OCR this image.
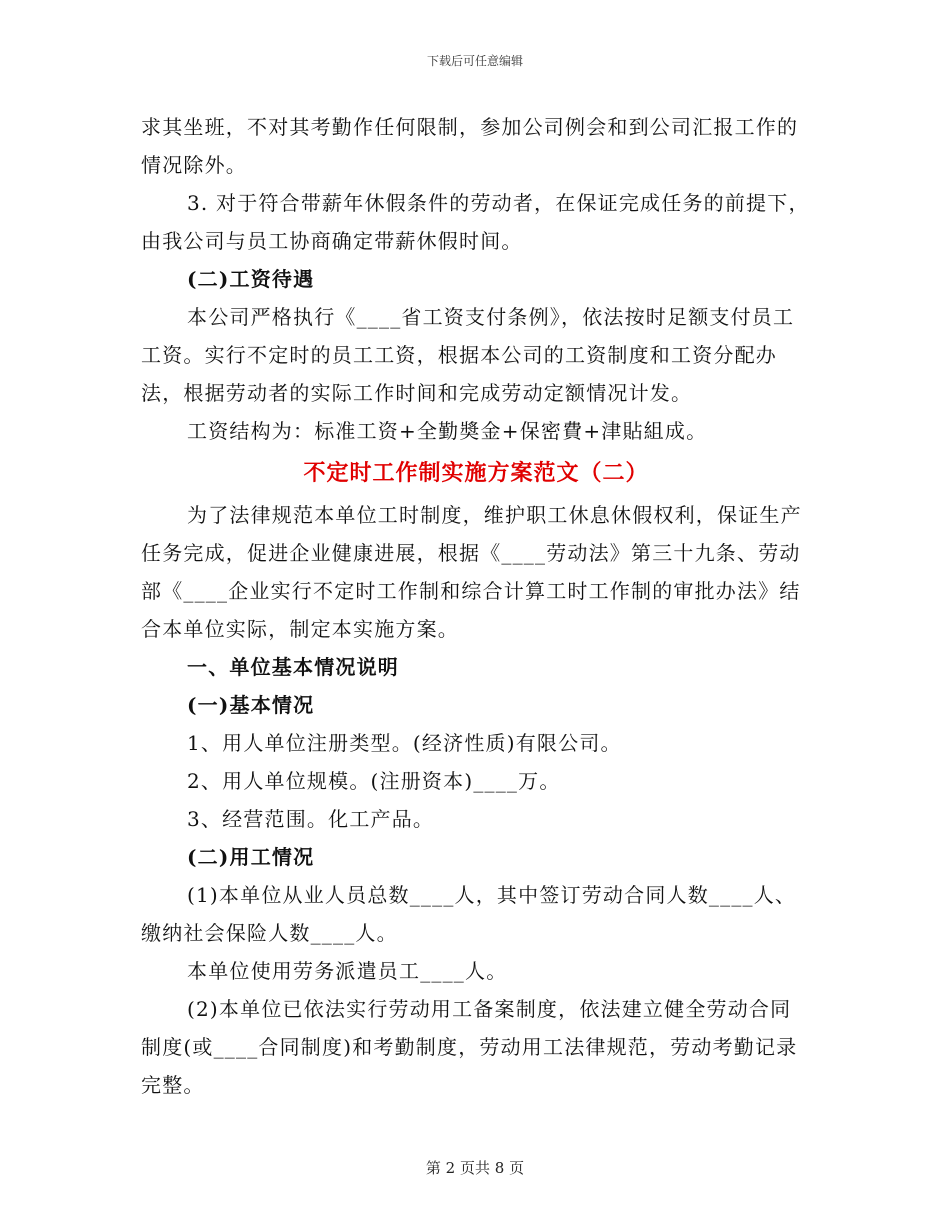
下载后可任意编辑

求其坐班，不对其考勤作任何限制，参加公司例会和到公司汇报工作的情况除外。

3. 对于符合带薪年休假条件的劳动者，在保证完成任务的前提下，由我公司与员工协商确定带薪休假时间。

(二)工资待遇

本公司严格执行《____省工资支付条例》，依法按时足额支付员工工资。实行不定时的员工工资，根据本公司的工资制度和工资分配办法，根据劳动者的实际工作时间和完成劳动定额情况计发。

工资结构为：标准工资+全勤奬金+保密費+津貼組成。

不定时工作制实施方案范文（二）

为了法律规范本单位工时制度，维护职工休息休假权利，保证生产任务完成，促进企业健康进展，根据《____劳动法》第三十九条、劳动部《____企业实行不定时工作制和综合计算工时工作制的审批办法》结合本单位实际，制定本实施方案。

一、单位基本情况说明

(一)基本情况

1、用人单位注册类型。(经济性质)有限公司。

2、用人单位规模。(注册资本)____万。

3、经营范围。化工产品。

(二)用工情况

(1)本单位从业人员总数____人，其中签订劳动合同人数____人、缴纳社会保险人数____人。

本单位使用劳务派遣员工____人。

(2)本单位已依法实行劳动用工备案制度，依法建立健全劳动合同制度(或____合同制度)和考勤制度，劳动用工法律规范，劳动考勤记录完整。

第 2 页共 8 页
